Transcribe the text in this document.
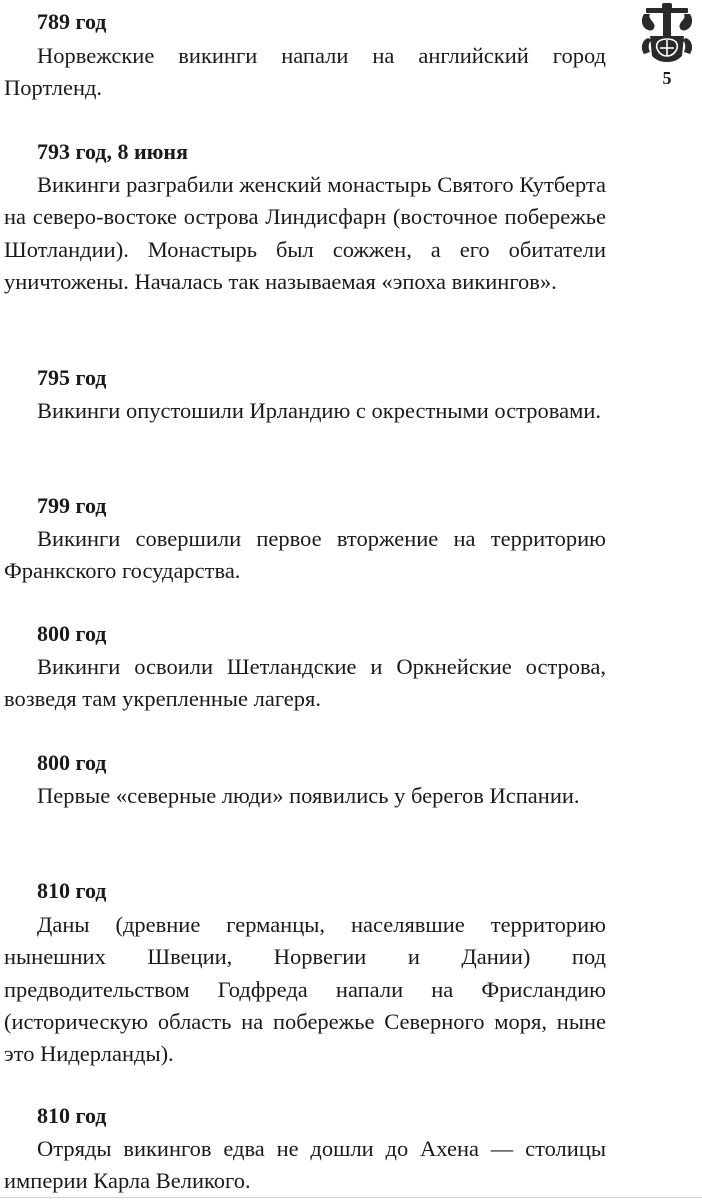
5
789 год

Норвежские викинги напали на английский город Портленд.

793 год, 8 июня

Викинги разграбили женский монастырь Святого Кутберта на северо-востоке острова Линдисфарн (восточное побережье Шотландии). Монастырь был сожжен, а его обитатели уничтожены. Началась так называемая «эпоха викингов».

795 год

Викинги опустошили Ирландию с окрестными островами.

799 год

Викинги совершили первое вторжение на территорию Франкского государства.

800 год

Викинги освоили Шетландские и Оркнейские острова, возведя там укрепленные лагеря.

800 год

Первые «северные люди» появились у берегов Испании.

810 год

Даны (древние германцы, населявшие территорию нынешних Швеции, Норвегии и Дании) под предводительством Годфреда напали на Фрисландию (историческую область на побережье Северного моря, ныне это Нидерланды).

810 год

Отряды викингов едва не дошли до Ахена — столицы империи Карла Великого.
